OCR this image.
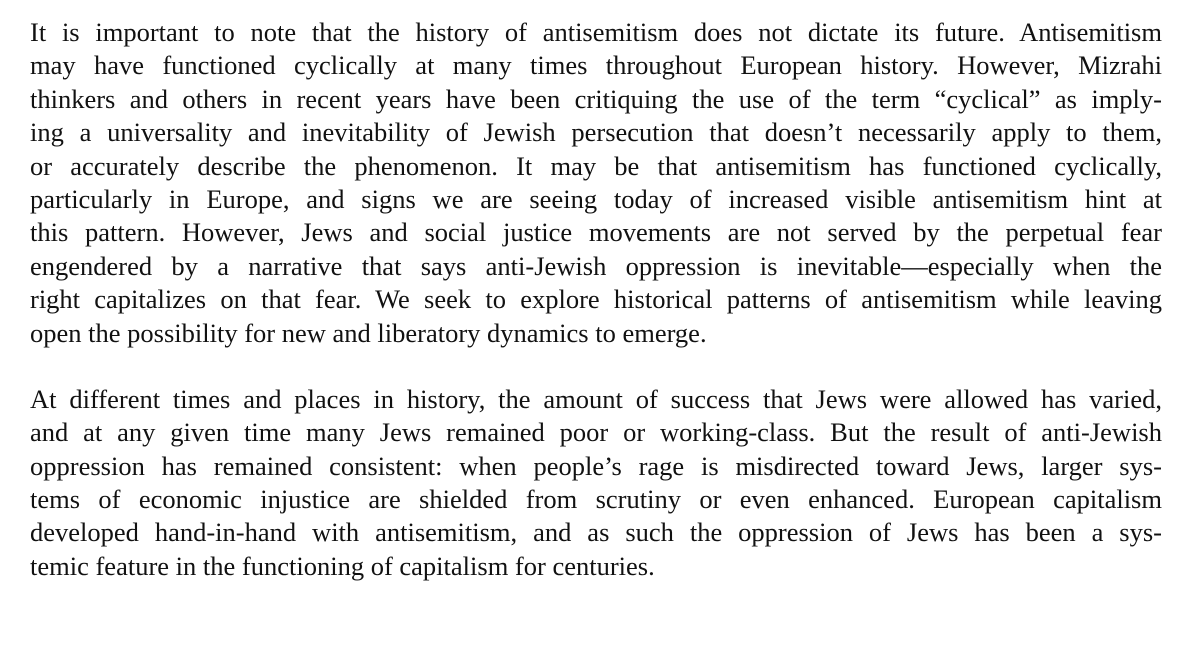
It is important to note that the history of antisemitism does not dictate its future. Antisemitism
may have functioned cyclically at many times throughout European history. However, Mizrahi
thinkers and others in recent years have been critiquing the use of the term “cyclical” as imply-
ing a universality and inevitability of Jewish persecution that doesn’t necessarily apply to them,
or accurately describe the phenomenon. It may be that antisemitism has functioned cyclically,
particularly in Europe, and signs we are seeing today of increased visible antisemitism hint at
this pattern. However, Jews and social justice movements are not served by the perpetual fear
engendered by a narrative that says anti-Jewish oppression is inevitable—especially when the
right capitalizes on that fear. We seek to explore historical patterns of antisemitism while leaving
open the possibility for new and liberatory dynamics to emerge.
At different times and places in history, the amount of success that Jews were allowed has varied,
and at any given time many Jews remained poor or working-class. But the result of anti-Jewish
oppression has remained consistent: when people’s rage is misdirected toward Jews, larger sys-
tems of economic injustice are shielded from scrutiny or even enhanced. European capitalism
developed hand-in-hand with antisemitism, and as such the oppression of Jews has been a sys-
temic feature in the functioning of capitalism for centuries.
